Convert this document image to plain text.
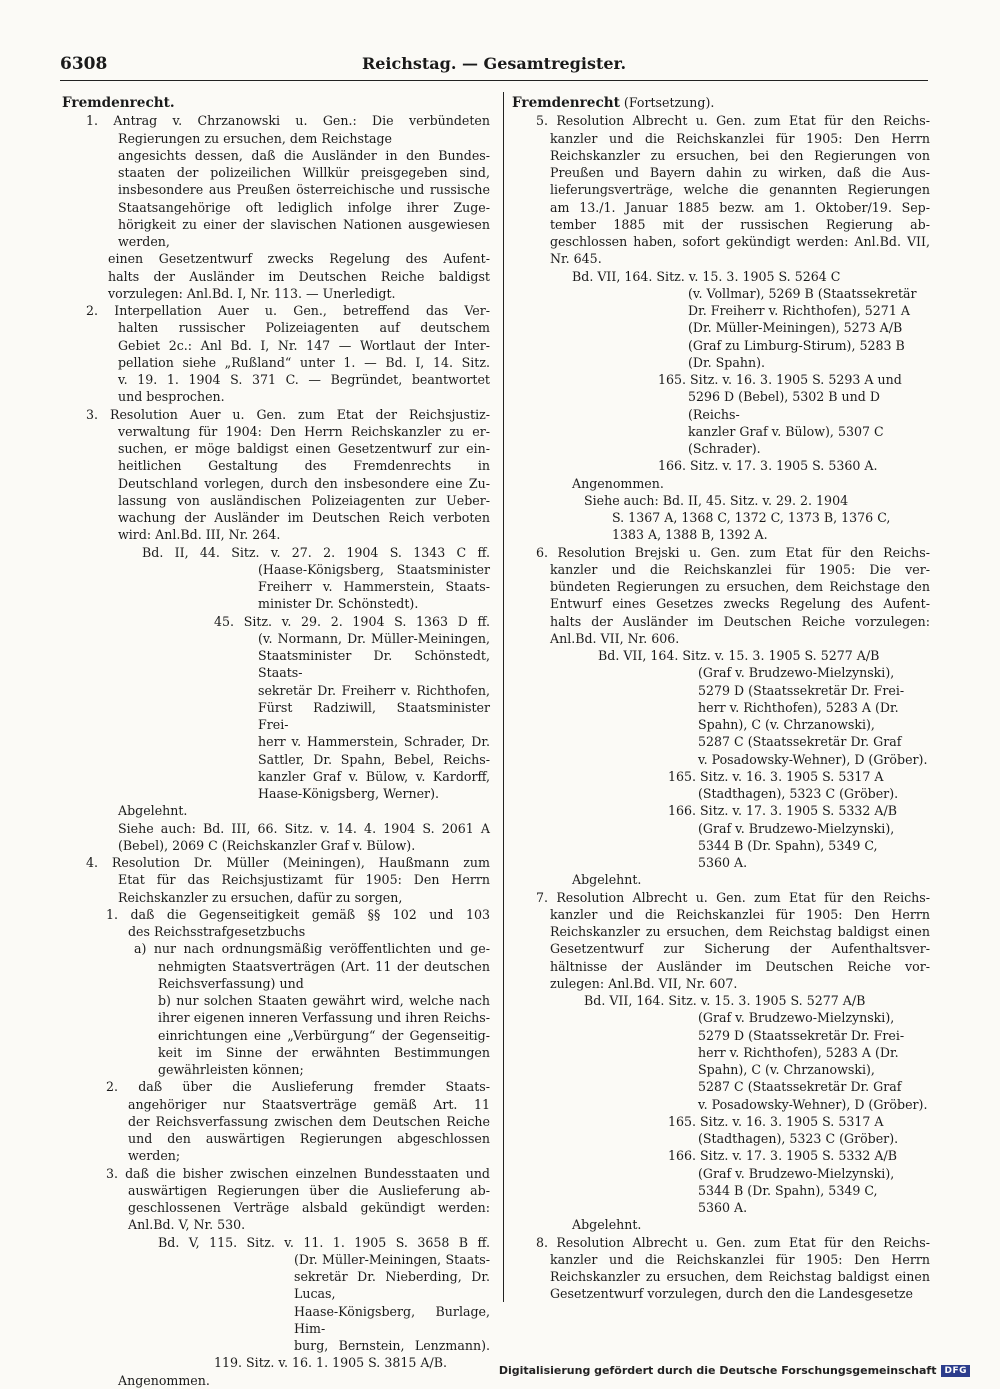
6308	Reichstag. — Gesamtregister.

Fremdenrecht.

1. Antrag v. Chrzanowski u. Gen.: Die verbündeten

Regierungen zu ersuchen, dem Reichstage

angesichts dessen, daß die Ausländer in den Bundes-

staaten der polizeilichen Willkür preisgegeben sind,

insbesondere aus Preußen österreichische und russische

Staatsangehörige oft lediglich infolge ihrer Zuge-

hörigkeit zu einer der slavischen Nationen ausgewiesen

werden,

einen Gesetzentwurf zwecks Regelung des Aufent-

halts der Ausländer im Deutschen Reiche baldigst

vorzulegen: Anl.Bd. I, Nr. 113. — Unerledigt.

2. Interpellation Auer u. Gen., betreffend das Ver-

halten russischer Polizeiagenten auf deutschem

Gebiet 2c.: Anl Bd. I, Nr. 147 — Wortlaut der Inter-

pellation siehe „Rußland“ unter 1. — Bd. I, 14. Sitz.

v. 19. 1. 1904 S. 371 C. — Begründet, beantwortet

und besprochen.

3. Resolution Auer u. Gen. zum Etat der Reichsjustiz-

verwaltung für 1904: Den Herrn Reichskanzler zu er-

suchen, er möge baldigst einen Gesetzentwurf zur ein-

heitlichen Gestaltung des Fremdenrechts in

Deutschland vorlegen, durch den insbesondere eine Zu-

lassung von ausländischen Polizeiagenten zur Ueber-

wachung der Ausländer im Deutschen Reich verboten

wird: Anl.Bd. III, Nr. 264.

Bd. II, 44. Sitz. v. 27. 2. 1904 S. 1343 C ff.

(Haase-Königsberg, Staatsminister

Freiherr v. Hammerstein, Staats-

minister Dr. Schönstedt).

45. Sitz. v. 29. 2. 1904 S. 1363 D ff.

(v. Normann, Dr. Müller-Meiningen,

Staatsminister Dr. Schönstedt, Staats-

sekretär Dr. Freiherr v. Richthofen,

Fürst Radziwill, Staatsminister Frei-

herr v. Hammerstein, Schrader, Dr.

Sattler, Dr. Spahn, Bebel, Reichs-

kanzler Graf v. Bülow, v. Kardorff,

Haase-Königsberg, Werner).

Abgelehnt.

Siehe auch: Bd. III, 66. Sitz. v. 14. 4. 1904 S. 2061 A

(Bebel), 2069 C (Reichskanzler Graf v. Bülow).

4. Resolution Dr. Müller (Meiningen), Haußmann zum

Etat für das Reichsjustizamt für 1905: Den Herrn

Reichskanzler zu ersuchen, dafür zu sorgen,

1. daß die Gegenseitigkeit gemäß §§ 102 und 103

des Reichsstrafgesetzbuchs

a) nur nach ordnungsmäßig veröffentlichten und ge-

nehmigten Staatsverträgen (Art. 11 der deutschen

Reichsverfassung) und

b) nur solchen Staaten gewährt wird, welche nach

ihrer eigenen inneren Verfassung und ihren Reichs-

einrichtungen eine „Verbürgung“ der Gegenseitig-

keit im Sinne der erwähnten Bestimmungen

gewährleisten können;

2. daß über die Auslieferung fremder Staats-

angehöriger nur Staatsverträge gemäß Art. 11

der Reichsverfassung zwischen dem Deutschen Reiche

und den auswärtigen Regierungen abgeschlossen werden;

3. daß die bisher zwischen einzelnen Bundesstaaten und

auswärtigen Regierungen über die Auslieferung ab-

geschlossenen Verträge alsbald gekündigt werden:

Anl.Bd. V, Nr. 530.

Bd. V, 115. Sitz. v. 11. 1. 1905 S. 3658 B ff.

(Dr. Müller-Meiningen, Staats-

sekretär Dr. Nieberding, Dr. Lucas,

Haase-Königsberg, Burlage, Him-

burg, Bernstein, Lenzmann).

119. Sitz. v. 16. 1. 1905 S. 3815 A/B.

Angenommen.

Fremdenrecht (Fortsetzung).

5. Resolution Albrecht u. Gen. zum Etat für den Reichs-

kanzler und die Reichskanzlei für 1905: Den Herrn

Reichskanzler zu ersuchen, bei den Regierungen von

Preußen und Bayern dahin zu wirken, daß die Aus-

lieferungsverträge, welche die genannten Regierungen

am 13./1. Januar 1885 bezw. am 1. Oktober/19. Sep-

tember 1885 mit der russischen Regierung ab-

geschlossen haben, sofort gekündigt werden: Anl.Bd. VII,

Nr. 645.

Bd. VII, 164. Sitz. v. 15. 3. 1905 S. 5264 C

(v. Vollmar), 5269 B (Staatssekretär

Dr. Freiherr v. Richthofen), 5271 A

(Dr. Müller-Meiningen), 5273 A/B

(Graf zu Limburg-Stirum), 5283 B

(Dr. Spahn).

165. Sitz. v. 16. 3. 1905 S. 5293 A und

5296 D (Bebel), 5302 B und D (Reichs-

kanzler Graf v. Bülow), 5307 C

(Schrader).

166. Sitz. v. 17. 3. 1905 S. 5360 A.

Angenommen.

Siehe auch: Bd. II, 45. Sitz. v. 29. 2. 1904

S. 1367 A, 1368 C, 1372 C, 1373 B, 1376 C,

1383 A, 1388 B, 1392 A.

6. Resolution Brejski u. Gen. zum Etat für den Reichs-

kanzler und die Reichskanzlei für 1905: Die ver-

bündeten Regierungen zu ersuchen, dem Reichstage den

Entwurf eines Gesetzes zwecks Regelung des Aufent-

halts der Ausländer im Deutschen Reiche vorzulegen:

Anl.Bd. VII, Nr. 606.

Bd. VII, 164. Sitz. v. 15. 3. 1905 S. 5277 A/B

(Graf v. Brudzewo-Mielzynski),

5279 D (Staatssekretär Dr. Frei-

herr v. Richthofen), 5283 A (Dr.

Spahn), C (v. Chrzanowski),

5287 C (Staatssekretär Dr. Graf

v. Posadowsky-Wehner), D (Gröber).

165. Sitz. v. 16. 3. 1905 S. 5317 A

(Stadthagen), 5323 C (Gröber).

166. Sitz. v. 17. 3. 1905 S. 5332 A/B

(Graf v. Brudzewo-Mielzynski),

5344 B (Dr. Spahn), 5349 C,

5360 A.

Abgelehnt.

7. Resolution Albrecht u. Gen. zum Etat für den Reichs-

kanzler und die Reichskanzlei für 1905: Den Herrn

Reichskanzler zu ersuchen, dem Reichstag baldigst einen

Gesetzentwurf zur Sicherung der Aufenthaltsver-

hältnisse der Ausländer im Deutschen Reiche vor-

zulegen: Anl.Bd. VII, Nr. 607.

Bd. VII, 164. Sitz. v. 15. 3. 1905 S. 5277 A/B

(Graf v. Brudzewo-Mielzynski),

5279 D (Staatssekretär Dr. Frei-

herr v. Richthofen), 5283 A (Dr.

Spahn), C (v. Chrzanowski),

5287 C (Staatssekretär Dr. Graf

v. Posadowsky-Wehner), D (Gröber).

165. Sitz. v. 16. 3. 1905 S. 5317 A

(Stadthagen), 5323 C (Gröber).

166. Sitz. v. 17. 3. 1905 S. 5332 A/B

(Graf v. Brudzewo-Mielzynski),

5344 B (Dr. Spahn), 5349 C,

5360 A.

Abgelehnt.

8. Resolution Albrecht u. Gen. zum Etat für den Reichs-

kanzler und die Reichskanzlei für 1905: Den Herrn

Reichskanzler zu ersuchen, dem Reichstag baldigst einen

Gesetzentwurf vorzulegen, durch den die Landesgesetze

Digitalisierung gefördert durch die Deutsche Forschungsgemeinschaft DFG
